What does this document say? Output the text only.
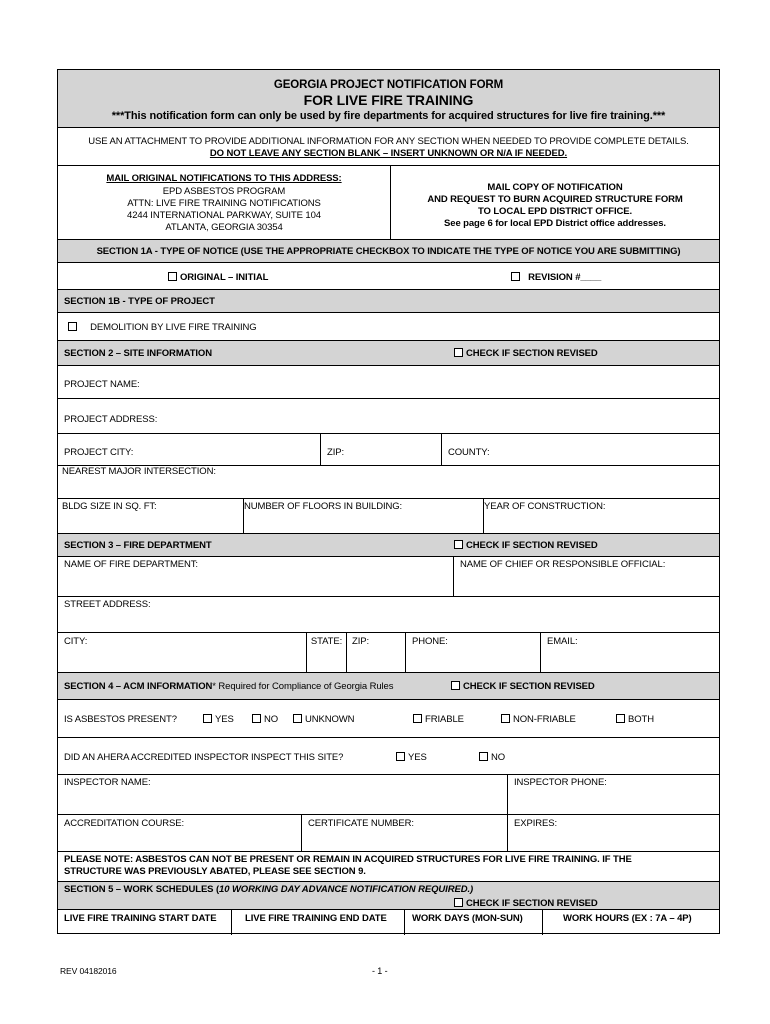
GEORGIA PROJECT NOTIFICATION FORM
FOR LIVE FIRE TRAINING
***This notification form can only be used by fire departments for acquired structures for live fire training.***
USE AN ATTACHMENT TO PROVIDE ADDITIONAL INFORMATION FOR ANY SECTION WHEN NEEDED TO PROVIDE COMPLETE DETAILS.
DO NOT LEAVE ANY SECTION BLANK – INSERT UNKNOWN OR N/A IF NEEDED.
MAIL ORIGINAL NOTIFICATIONS TO THIS ADDRESS:
EPD ASBESTOS PROGRAM
ATTN: LIVE FIRE TRAINING NOTIFICATIONS
4244 INTERNATIONAL PARKWAY, SUITE 104
ATLANTA, GEORGIA 30354
MAIL COPY OF NOTIFICATION
AND REQUEST TO BURN ACQUIRED STRUCTURE FORM
TO LOCAL EPD DISTRICT OFFICE.
See page 6 for local EPD District office addresses.
SECTION 1A - TYPE OF NOTICE (USE THE APPROPRIATE CHECKBOX TO INDICATE THE TYPE OF NOTICE YOU ARE SUBMITTING)
ORIGINAL – INITIAL	REVISION #____
SECTION 1B - TYPE OF PROJECT
DEMOLITION BY LIVE FIRE TRAINING
SECTION 2 – SITE INFORMATION	CHECK IF SECTION REVISED
PROJECT NAME:
PROJECT ADDRESS:
PROJECT CITY:	ZIP:	COUNTY:
NEAREST MAJOR INTERSECTION:
BLDG SIZE IN SQ. FT:	NUMBER OF FLOORS IN BUILDING:	YEAR OF CONSTRUCTION:
SECTION 3 – FIRE DEPARTMENT	CHECK IF SECTION REVISED
NAME OF FIRE DEPARTMENT:	NAME OF CHIEF OR RESPONSIBLE OFFICIAL:
STREET ADDRESS:
CITY:	STATE:	ZIP:	PHONE:	EMAIL:
SECTION 4 – ACM INFORMATION* Required for Compliance of Georgia Rules	CHECK IF SECTION REVISED
IS ASBESTOS PRESENT?	YES	NO	UNKNOWN	FRIABLE	NON-FRIABLE	BOTH
DID AN AHERA ACCREDITED INSPECTOR INSPECT THIS SITE?	YES	NO
INSPECTOR NAME:	INSPECTOR PHONE:
ACCREDITATION COURSE:	CERTIFICATE NUMBER:	EXPIRES:
PLEASE NOTE: ASBESTOS CAN NOT BE PRESENT OR REMAIN IN ACQUIRED STRUCTURES FOR LIVE FIRE TRAINING. IF THE
STRUCTURE WAS PREVIOUSLY ABATED, PLEASE SEE SECTION 9.
SECTION 5 – WORK SCHEDULES (10 WORKING DAY ADVANCE NOTIFICATION REQUIRED.)
CHECK IF SECTION REVISED
LIVE FIRE TRAINING START DATE	LIVE FIRE TRAINING END DATE	WORK DAYS (MON-SUN)	WORK HOURS (EX : 7A – 4P)
REV 04182016	- 1 -
